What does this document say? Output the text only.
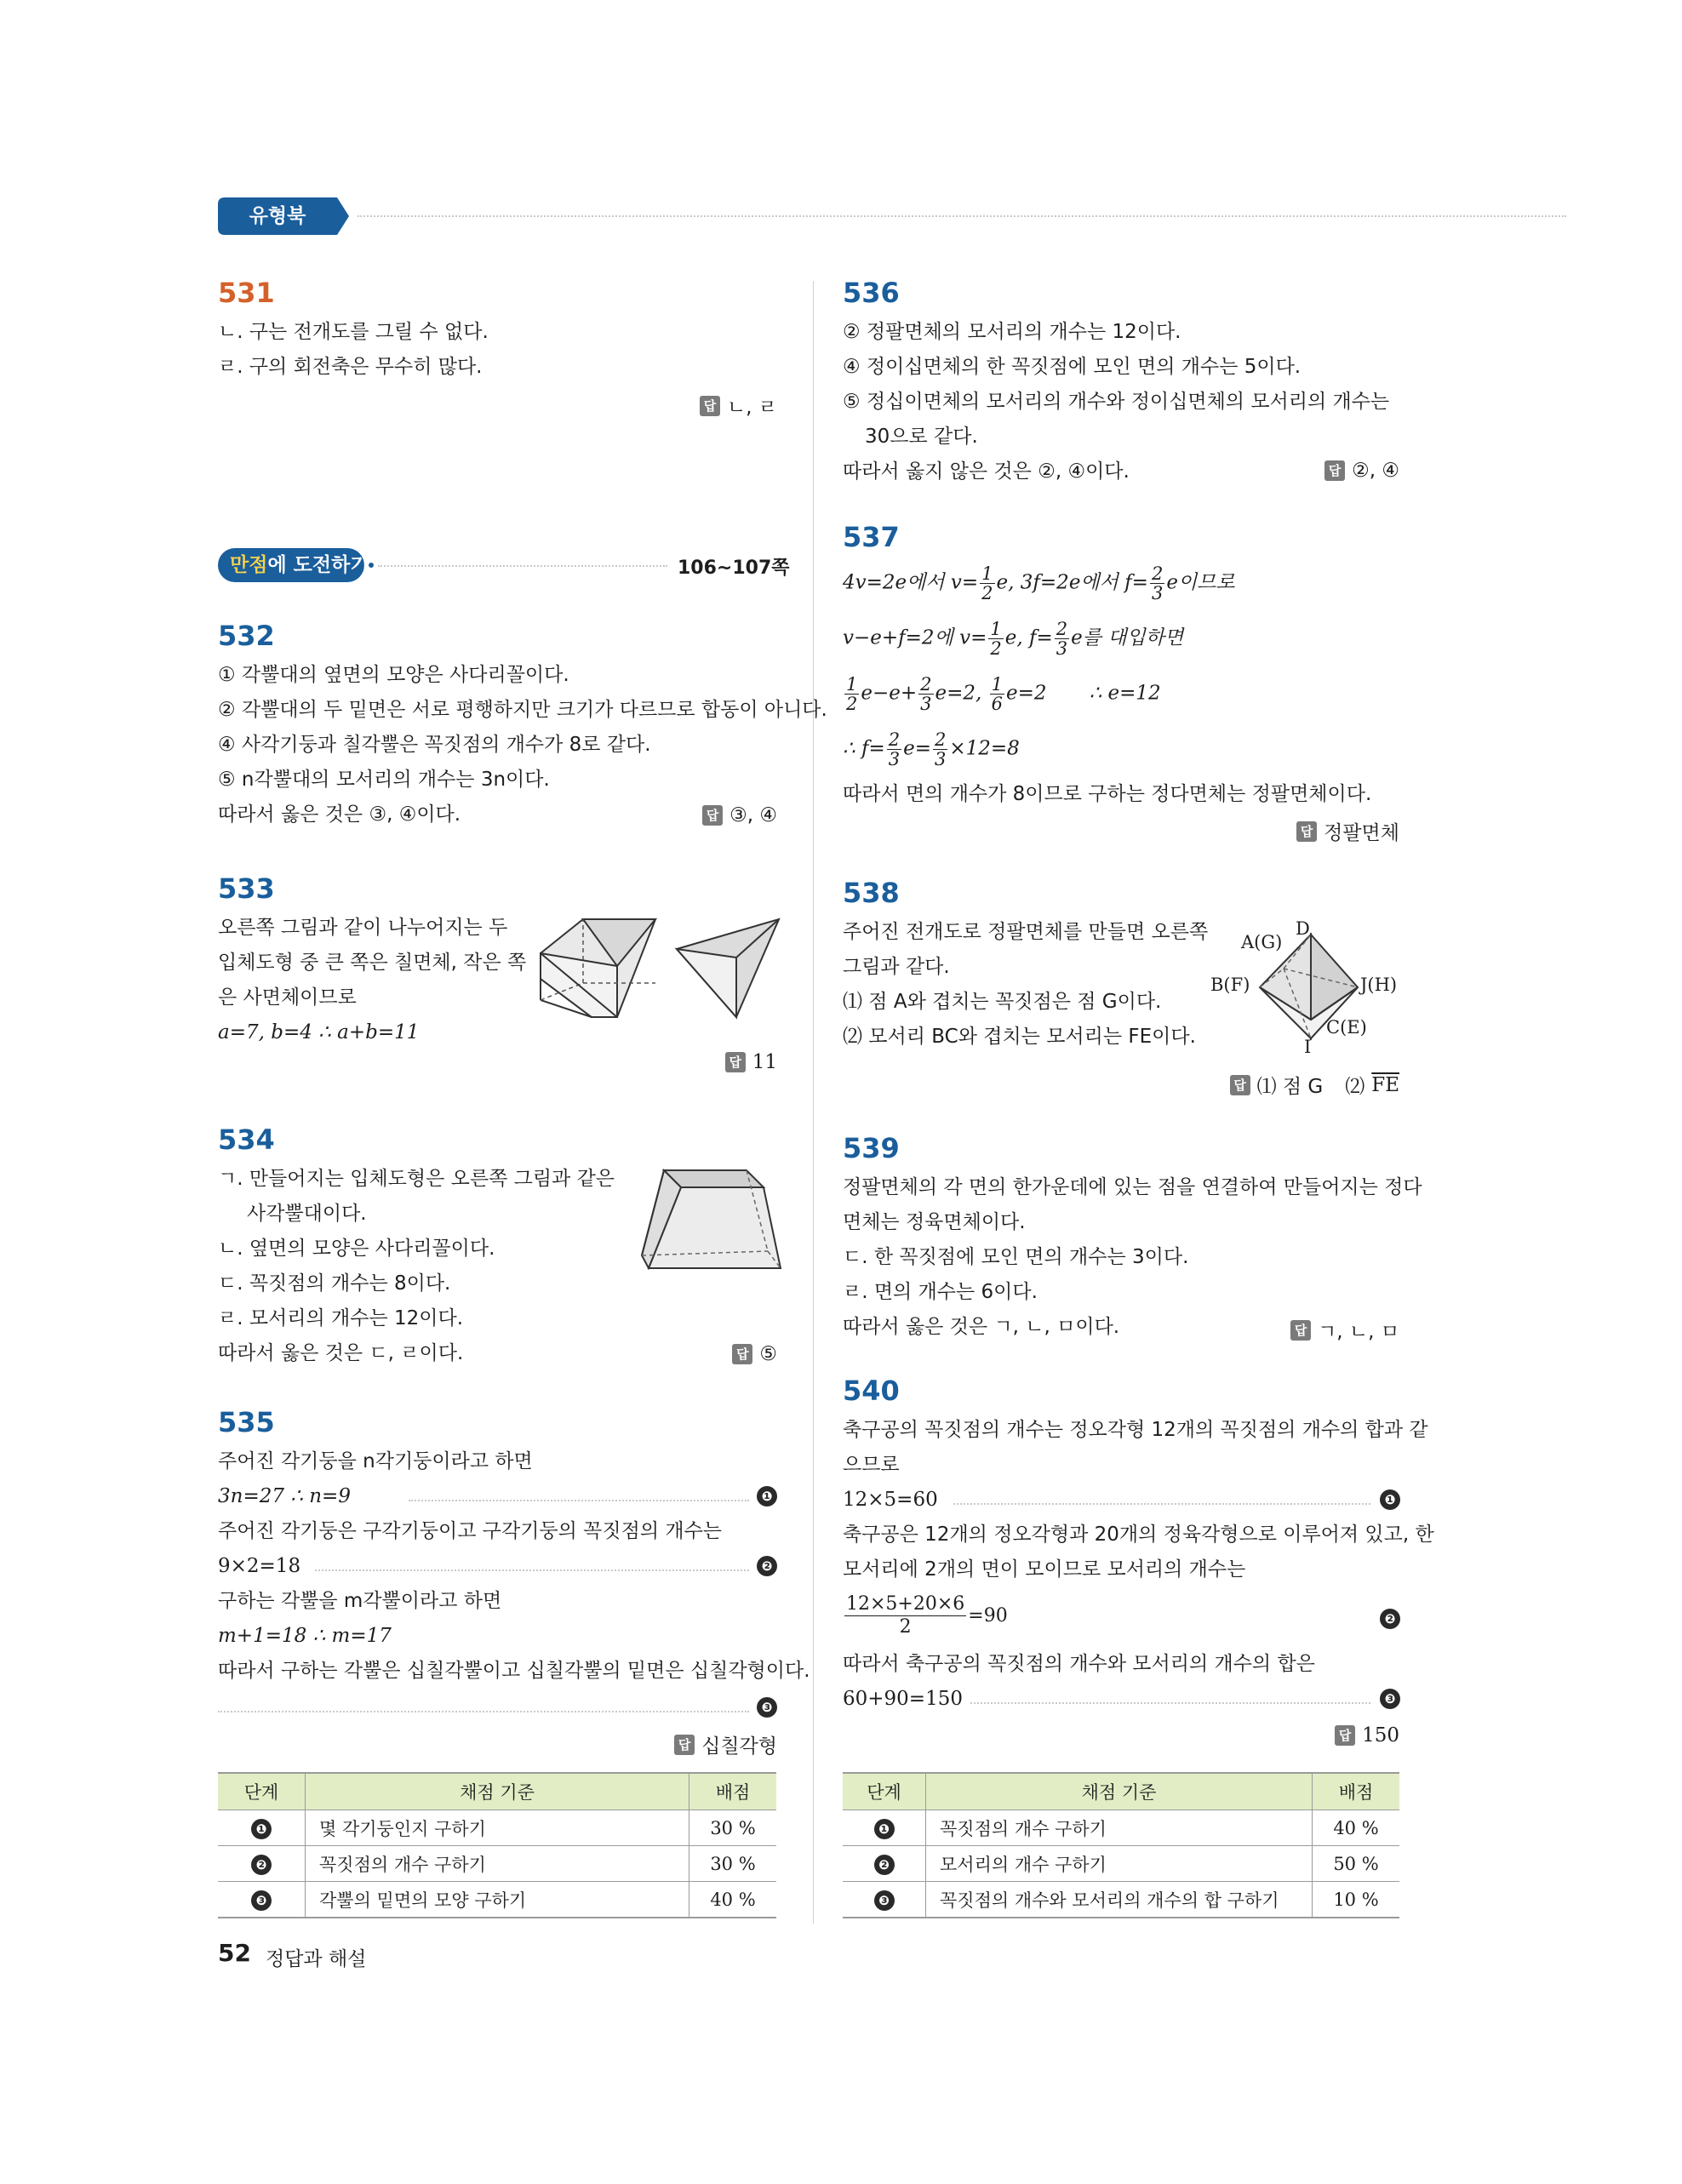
유형북
531
ㄴ. 구는 전개도를 그릴 수 없다.
ㄹ. 구의 회전축은 무수히 많다.
답 ㄴ, ㄹ
만점에 도전하기	106~107쪽
532
① 각뿔대의 옆면의 모양은 사다리꼴이다.
② 각뿔대의 두 밑면은 서로 평행하지만 크기가 다르므로 합동이 아니다.
④ 사각기둥과 칠각뿔은 꼭짓점의 개수가 8로 같다.
⑤ n각뿔대의 모서리의 개수는 3n이다.
따라서 옳은 것은 ③, ④이다.	답 ③, ④
533
오른쪽 그림과 같이 나누어지는 두
입체도형 중 큰 쪽은 칠면체, 작은 쪽
은 사면체이므로
a=7, b=4 ∴ a+b=11
답 11
534
ㄱ. 만들어지는 입체도형은 오른쪽 그림과 같은
사각뿔대이다.
ㄴ. 옆면의 모양은 사다리꼴이다.
ㄷ. 꼭짓점의 개수는 8이다.
ㄹ. 모서리의 개수는 12이다.
따라서 옳은 것은 ㄷ, ㄹ이다.	답 ⑤
535
주어진 각기둥을 n각기둥이라고 하면
3n=27 ∴ n=9	❶
주어진 각기둥은 구각기둥이고 구각기둥의 꼭짓점의 개수는
9×2=18	❷
구하는 각뿔을 m각뿔이라고 하면
m+1=18 ∴ m=17
따라서 구하는 각뿔은 십칠각뿔이고 십칠각뿔의 밑면은 십칠각형이다.
❸
답 십칠각형
단계	채점 기준	배점
❶	몇 각기둥인지 구하기	30 %
❷	꼭짓점의 개수 구하기	30 %
❸	각뿔의 밑면의 모양 구하기	40 %
536
② 정팔면체의 모서리의 개수는 12이다.
④ 정이십면체의 한 꼭짓점에 모인 면의 개수는 5이다.
⑤ 정십이면체의 모서리의 개수와 정이십면체의 모서리의 개수는
30으로 같다.
따라서 옳지 않은 것은 ②, ④이다.	답 ②, ④
537
4v=2e에서 $v= \frac{1}{2} e$, 3f=2e에서 $f= \frac{2}{3}$ e이므로
v−e+f=2에 $v= \frac{1}{2} e$, $f= \frac{2}{3}$ e를 대입하면
$\frac{1}{2} e-e+ \frac{2}{3} e=2$, $\frac{1}{6} e=2$ ∴ e=12
∴ $f= \frac{2}{3} e= \frac{2}{3} \times 12=8$
따라서 면의 개수가 8이므로 구하는 정다면체는 정팔면체이다.
답 정팔면체
538
주어진 전개도로 정팔면체를 만들면 오른쪽
그림과 같다.
⑴ 점 A와 겹치는 꼭짓점은 점 G이다.
⑵ 모서리 BC와 겹치는 모서리는 FE이다.
A(G)
D
B(F)	J(H)
C(E)
I
답 ⑴ 점 G ⑵ $\overline{FE}$
539
정팔면체의 각 면의 한가운데에 있는 점을 연결하여 만들어지는 정다
면체는 정육면체이다.
ㄷ. 한 꼭짓점에 모인 면의 개수는 3이다.
ㄹ. 면의 개수는 6이다.
따라서 옳은 것은 ㄱ, ㄴ, ㅁ이다.	답 ㄱ, ㄴ, ㅁ
540
축구공의 꼭짓점의 개수는 정오각형 12개의 꼭짓점의 개수의 합과 같
으므로
12×5=60	❶
축구공은 12개의 정오각형과 20개의 정육각형으로 이루어져 있고, 한
모서리에 2개의 면이 모이므로 모서리의 개수는
$\frac{12\times 5+20\times 6}{2} =90$	❷
따라서 축구공의 꼭짓점의 개수와 모서리의 개수의 합은
60+90=150	❸
답 150
단계	채점 기준	배점
❶	꼭짓점의 개수 구하기	40 %
❷	모서리의 개수 구하기	50 %
❸	꼭짓점의 개수와 모서리의 개수의 합 구하기	10 %
52 정답과 해설
